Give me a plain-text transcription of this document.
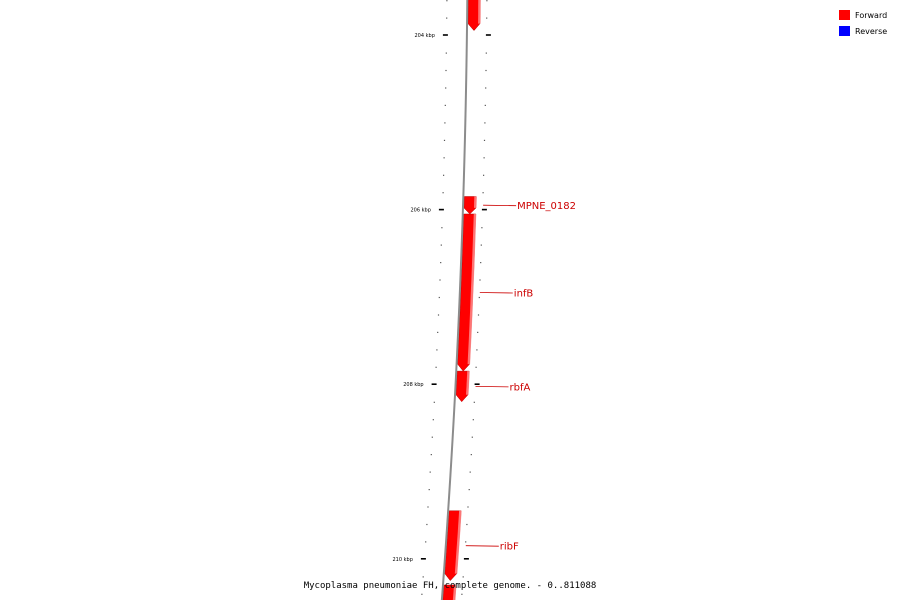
204 kbp
206 kbp
208 kbp
210 kbp
MPNE_0182
infB
rbfA
ribF
Forward
Reverse
Mycoplasma pneumoniae FH, complete genome. - 0..811088
